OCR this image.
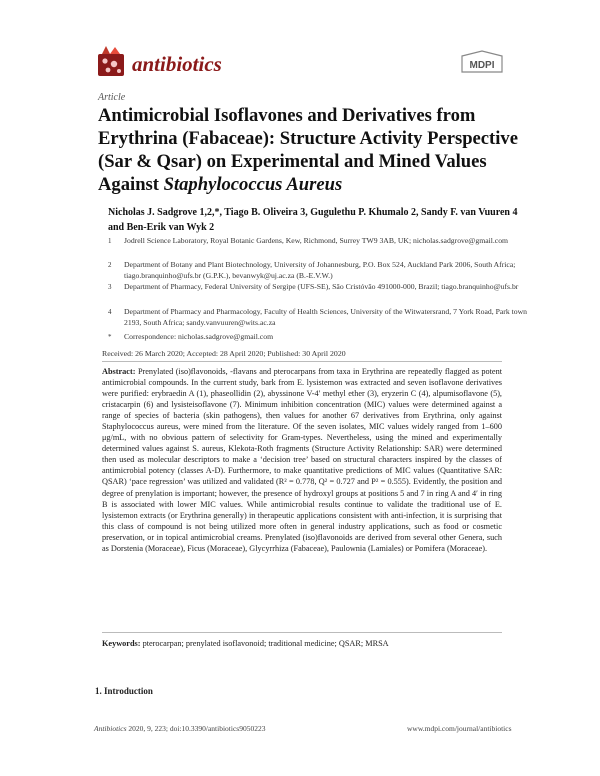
antibiotics	MDPI
Article
Antimicrobial Isoflavones and Derivatives from Erythrina (Fabaceae): Structure Activity Perspective (Sar & Qsar) on Experimental and Mined Values Against Staphylococcus Aureus
Nicholas J. Sadgrove 1,2,*, Tiago B. Oliveira 3, Gugulethu P. Khumalo 2, Sandy F. van Vuuren 4 and Ben-Erik van Wyk 2
1 Jodrell Science Laboratory, Royal Botanic Gardens, Kew, Richmond, Surrey TW9 3AB, UK; nicholas.sadgrove@gmail.com
2 Department of Botany and Plant Biotechnology, University of Johannesburg, P.O. Box 524, Auckland Park 2006, South Africa; tiago.branquinho@ufs.br (G.P.K.), bevanwyk@uj.ac.za (B.-E.V.W.)
3 Department of Pharmacy, Federal University of Sergipe (UFS-SE), São Cristóvão 491000-000, Brazil; tiago.branquinho@ufs.br
4 Department of Pharmacy and Pharmacology, Faculty of Health Sciences, University of the Witwatersrand, 7 York Road, Park town 2193, South Africa; sandy.vanvuuren@wits.ac.za
* Correspondence: nicholas.sadgrove@gmail.com
Received: 26 March 2020; Accepted: 28 April 2020; Published: 30 April 2020
Abstract: Prenylated (iso)flavonoids, -flavans and pterocarpans from taxa in Erythrina are repeatedly flagged as potent antimicrobial compounds. In the current study, bark from E. lysistemon was extracted and seven isoflavone derivatives were purified: erybraedin A (1), phaseollidin (2), abyssinone V-4′ methyl ether (3), eryzerin C (4), alpumisoflavone (5), cristacarpin (6) and lysisteisoflavone (7). Minimum inhibition concentration (MIC) values were determined against a range of species of bacteria (skin pathogens), then values for another 67 derivatives from Erythrina, only against Staphylococcus aureus, were mined from the literature. Of the seven isolates, MIC values widely ranged from 1–600 μg/mL, with no obvious pattern of selectivity for Gram-types. Nevertheless, using the mined and experimentally determined values against S. aureus, Klekota-Roth fragments (Structure Activity Relationship: SAR) were determined then used as molecular descriptors to make a ‘decision tree’ based on structural characters inspired by the classes of antimicrobial potency (classes A-D). Furthermore, to make quantitative predictions of MIC values (Quantitative SAR: QSAR) ‘pace regression’ was utilized and validated (R² = 0.778, Q² = 0.727 and P² = 0.555). Evidently, the position and degree of prenylation is important; however, the presence of hydroxyl groups at positions 5 and 7 in ring A and 4′ in ring B is associated with lower MIC values. While antimicrobial results continue to validate the traditional use of E. lysistemon extracts (or Erythrina generally) in therapeutic applications consistent with anti-infection, it is surprising that this class of compound is not being utilized more often in general industry applications, such as food or cosmetic preservation, or in topical antimicrobial creams. Prenylated (iso)flavonoids are derived from several other Genera, such as Dorstenia (Moraceae), Ficus (Moraceae), Glycyrrhiza (Fabaceae), Paulownia (Lamiales) or Pomifera (Moraceae).
Keywords: pterocarpan; prenylated isoflavonoid; traditional medicine; QSAR; MRSA
1. Introduction
Antibiotics 2020, 9, 223; doi:10.3390/antibiotics9050223	www.mdpi.com/journal/antibiotics
